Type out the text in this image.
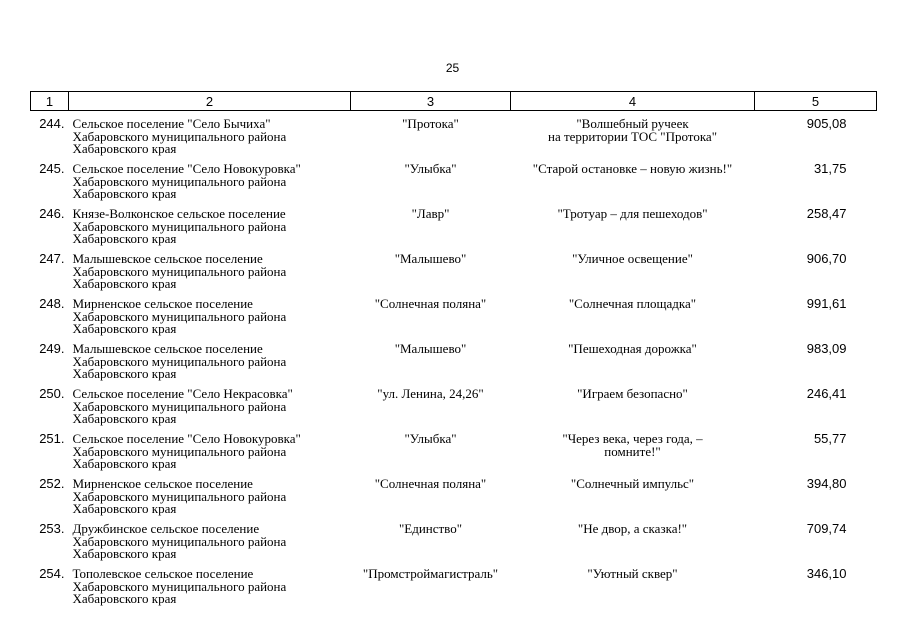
25
1	2	3	4	5
244.	Сельское поселение "Село Бычиха"
Хабаровского муниципального района
Хабаровского края	"Протока"	"Волшебный ручеек
на территории ТОС "Протока"	905,08
245.	Сельское поселение "Село Новокуровка"
Хабаровского муниципального района
Хабаровского края	"Улыбка"	"Старой остановке – новую жизнь!"	31,75
246.	Князе-Волконское сельское поселение
Хабаровского муниципального района
Хабаровского края	"Лавр"	"Тротуар – для пешеходов"	258,47
247.	Малышевское сельское поселение
Хабаровского муниципального района
Хабаровского края	"Малышево"	"Уличное освещение"	906,70
248.	Мирненское сельское поселение
Хабаровского муниципального района
Хабаровского края	"Солнечная поляна"	"Солнечная площадка"	991,61
249.	Малышевское сельское поселение
Хабаровского муниципального района
Хабаровского края	"Малышево"	"Пешеходная дорожка"	983,09
250.	Сельское поселение "Село Некрасовка"
Хабаровского муниципального района
Хабаровского края	"ул. Ленина, 24,26"	"Играем безопасно"	246,41
251.	Сельское поселение "Село Новокуровка"
Хабаровского муниципального района
Хабаровского края	"Улыбка"	"Через века, через года, –
помните!"	55,77
252.	Мирненское сельское поселение
Хабаровского муниципального района
Хабаровского края	"Солнечная поляна"	"Солнечный импульс"	394,80
253.	Дружбинское сельское поселение
Хабаровского муниципального района
Хабаровского края	"Единство"	"Не двор, а сказка!"	709,74
254.	Тополевское сельское поселение
Хабаровского муниципального района
Хабаровского края	"Промстроймагистраль"	"Уютный сквер"	346,10
